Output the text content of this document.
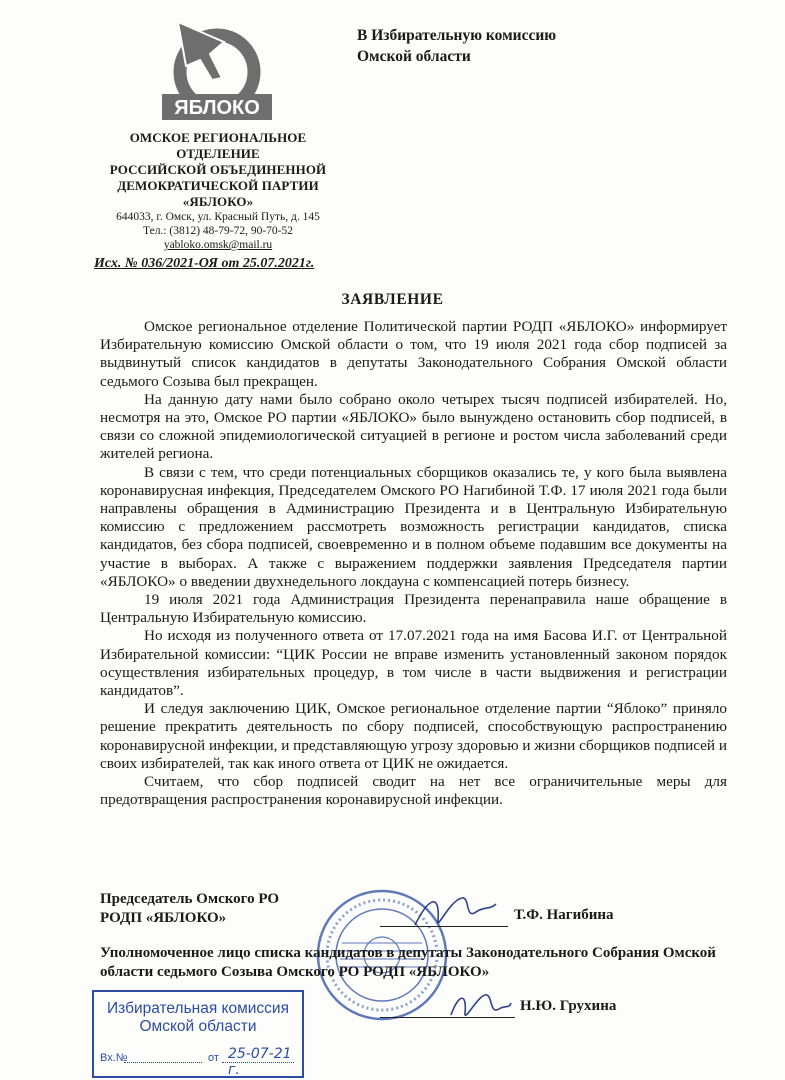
ЯБЛОКО
ОМСКОЕ РЕГИОНАЛЬНОЕ
ОТДЕЛЕНИЕ
РОССИЙСКОЙ ОБЪЕДИНЕННОЙ
ДЕМОКРАТИЧЕСКОЙ ПАРТИИ
«ЯБЛОКО»
644033, г. Омск, ул. Красный Путь, д. 145
Тел.: (3812) 48-79-72, 90-70-52
yabloko.omsk@mail.ru
Исх. № 036/2021-ОЯ от 25.07.2021г.
В Избирательную комиссию
Омской области
ЗАЯВЛЕНИЕ

Омское региональное отделение Политической партии РОДП «ЯБЛОКО» информирует Избирательную комиссию Омской области о том, что 19 июля 2021 года сбор подписей за выдвинутый список кандидатов в депутаты Законодательного Собрания Омской области седьмого Созыва был прекращен.

На данную дату нами было собрано около четырех тысяч подписей избирателей. Но, несмотря на это, Омское РО партии «ЯБЛОКО» было вынуждено остановить сбор подписей, в связи со сложной эпидемиологической ситуацией в регионе и ростом числа заболеваний среди жителей региона.

В связи с тем, что среди потенциальных сборщиков оказались те, у кого была выявлена коронавирусная инфекция, Председателем Омского РО Нагибиной Т.Ф. 17 июля 2021 года были направлены обращения в Администрацию Президента и в Центральную Избирательную комиссию с предложением рассмотреть возможность регистрации кандидатов, списка кандидатов, без сбора подписей, своевременно и в полном объеме подавшим все документы на участие в выборах. А также с выражением поддержки заявления Председателя партии «ЯБЛОКО» о введении двухнедельного локдауна с компенсацией потерь бизнесу.

19 июля 2021 года Администрация Президента перенаправила наше обращение в Центральную Избирательную комиссию.

Но исходя из полученного ответа от 17.07.2021 года на имя Басова И.Г. от Центральной Избирательной комиссии: “ЦИК России не вправе изменить установленный законом порядок осуществления избирательных процедур, в том числе в части выдвижения и регистрации кандидатов”.

И следуя заключению ЦИК, Омское региональное отделение партии “Яблоко” приняло решение прекратить деятельность по сбору подписей, способствующую распространению коронавирусной инфекции, и представляющую угрозу здоровью и жизни сборщиков подписей и своих избирателей, так как иного ответа от ЦИК не ожидается.

Считаем, что сбор подписей сводит на нет все ограничительные меры для предотвращения распространения коронавирусной инфекции.

Председатель Омского РО
РОДП «ЯБЛОКО»	Т.Ф. Нагибина
Уполномоченное лицо списка кандидатов в депутаты Законодательного Собрания Омской области седьмого Созыва Омского РО РОДП «ЯБЛОКО»
Н.Ю. Грухина
Избирательная комиссия
Омской области
Вх.№	от 25-07-21 г.
